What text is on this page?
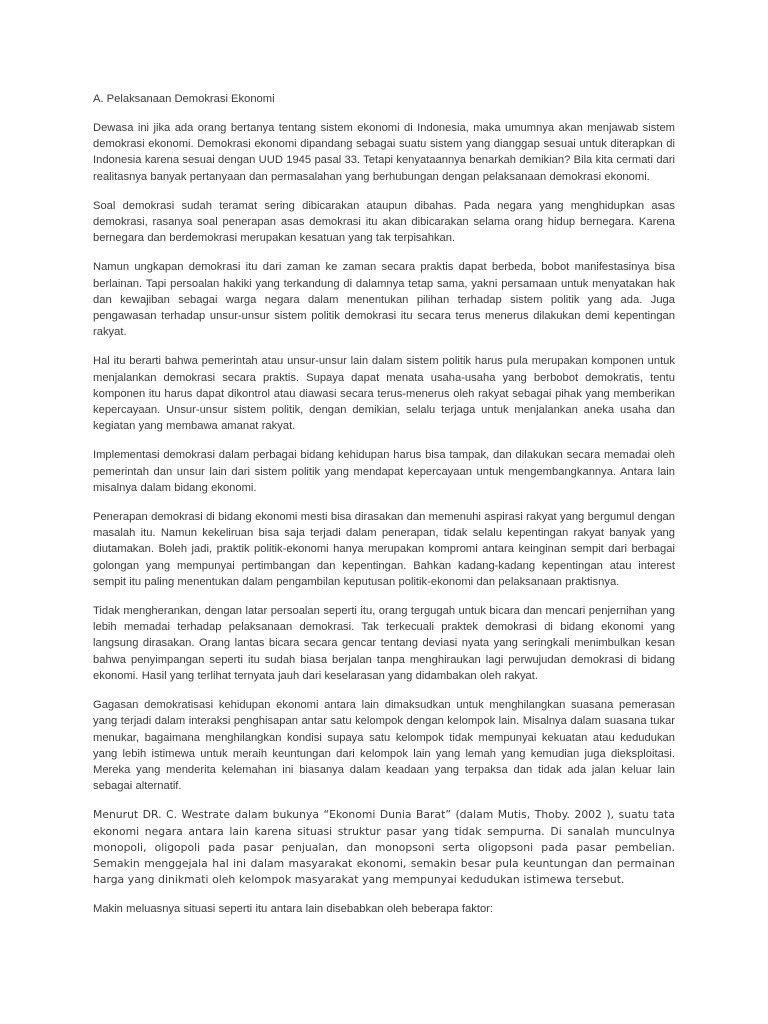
A. Pelaksanaan Demokrasi Ekonomi

Dewasa ini jika ada orang bertanya tentang sistem ekonomi di Indonesia, maka umumnya akan menjawab sistem demokrasi ekonomi. Demokrasi ekonomi dipandang sebagai suatu sistem yang dianggap sesuai untuk diterapkan di Indonesia karena sesuai dengan UUD 1945 pasal 33. Tetapi kenyataannya benarkah demikian? Bila kita cermati dari realitasnya banyak pertanyaan dan permasalahan yang berhubungan dengan pelaksanaan demokrasi ekonomi.

Soal demokrasi sudah teramat sering dibicarakan ataupun dibahas. Pada negara yang menghidupkan asas demokrasi, rasanya soal penerapan asas demokrasi itu akan dibicarakan selama orang hidup bernegara. Karena bernegara dan berdemokrasi merupakan kesatuan yang tak terpisahkan.

Namun ungkapan demokrasi itu dari zaman ke zaman secara praktis dapat berbeda, bobot manifestasinya bisa berlainan. Tapi persoalan hakiki yang terkandung di dalamnya tetap sama, yakni persamaan untuk menyatakan hak dan kewajiban sebagai warga negara dalam menentukan pilihan terhadap sistem politik yang ada. Juga pengawasan terhadap unsur-unsur sistem politik demokrasi itu secara terus menerus dilakukan demi kepentingan rakyat.

Hal itu berarti bahwa pemerintah atau unsur-unsur lain dalam sistem politik harus pula merupakan komponen untuk menjalankan demokrasi secara praktis. Supaya dapat menata usaha-usaha yang berbobot demokratis, tentu komponen itu harus dapat dikontrol atau diawasi secara terus-menerus oleh rakyat sebagai pihak yang memberikan kepercayaan. Unsur-unsur sistem politik, dengan demikian, selalu terjaga untuk menjalankan aneka usaha dan kegiatan yang membawa amanat rakyat.

Implementasi demokrasi dalam perbagai bidang kehidupan harus bisa tampak, dan dilakukan secara memadai oleh pemerintah dan unsur lain dari sistem politik yang mendapat kepercayaan untuk mengembangkannya. Antara lain misalnya dalam bidang ekonomi.

Penerapan demokrasi di bidang ekonomi mesti bisa dirasakan dan memenuhi aspirasi rakyat yang bergumul dengan masalah itu. Namun kekeliruan bisa saja terjadi dalam penerapan, tidak selalu kepentingan rakyat banyak yang diutamakan. Boleh jadi, praktik politik-ekonomi hanya merupakan kompromi antara keinginan sempit dari berbagai golongan yang mempunyai pertimbangan dan kepentingan. Bahkan kadang-kadang kepentingan atau interest sempit itu paling menentukan dalam pengambilan keputusan politik-ekonomi dan pelaksanaan praktisnya.

Tidak mengherankan, dengan latar persoalan seperti itu, orang tergugah untuk bicara dan mencari penjernihan yang lebih memadai terhadap pelaksanaan demokrasi. Tak terkecuali praktek demokrasi di bidang ekonomi yang langsung dirasakan. Orang lantas bicara secara gencar tentang deviasi nyata yang seringkali menimbulkan kesan bahwa penyimpangan seperti itu sudah biasa berjalan tanpa menghiraukan lagi perwujudan demokrasi di bidang ekonomi. Hasil yang terlihat ternyata jauh dari keselarasan yang didambakan oleh rakyat.

Gagasan demokratisasi kehidupan ekonomi antara lain dimaksudkan untuk menghilangkan suasana pemerasan yang terjadi dalam interaksi penghisapan antar satu kelompok dengan kelompok lain. Misalnya dalam suasana tukar menukar, bagaimana menghilangkan kondisi supaya satu kelompok tidak mempunyai kekuatan atau kedudukan yang lebih istimewa untuk meraih keuntungan dari kelompok lain yang lemah yang kemudian juga dieksploitasi. Mereka yang menderita kelemahan ini biasanya dalam keadaan yang terpaksa dan tidak ada jalan keluar lain sebagai alternatif.

Menurut DR. C. Westrate dalam bukunya “Ekonomi Dunia Barat” (dalam Mutis, Thoby. 2002 ), suatu tata ekonomi negara antara lain karena situasi struktur pasar yang tidak sempurna. Di sanalah munculnya monopoli, oligopoli pada pasar penjualan, dan monopsoni serta oligopsoni pada pasar pembelian. Semakin menggejala hal ini dalam masyarakat ekonomi, semakin besar pula keuntungan dan permainan harga yang dinikmati oleh kelompok masyarakat yang mempunyai kedudukan istimewa tersebut.

Makin meluasnya situasi seperti itu antara lain disebabkan oleh beberapa faktor:
